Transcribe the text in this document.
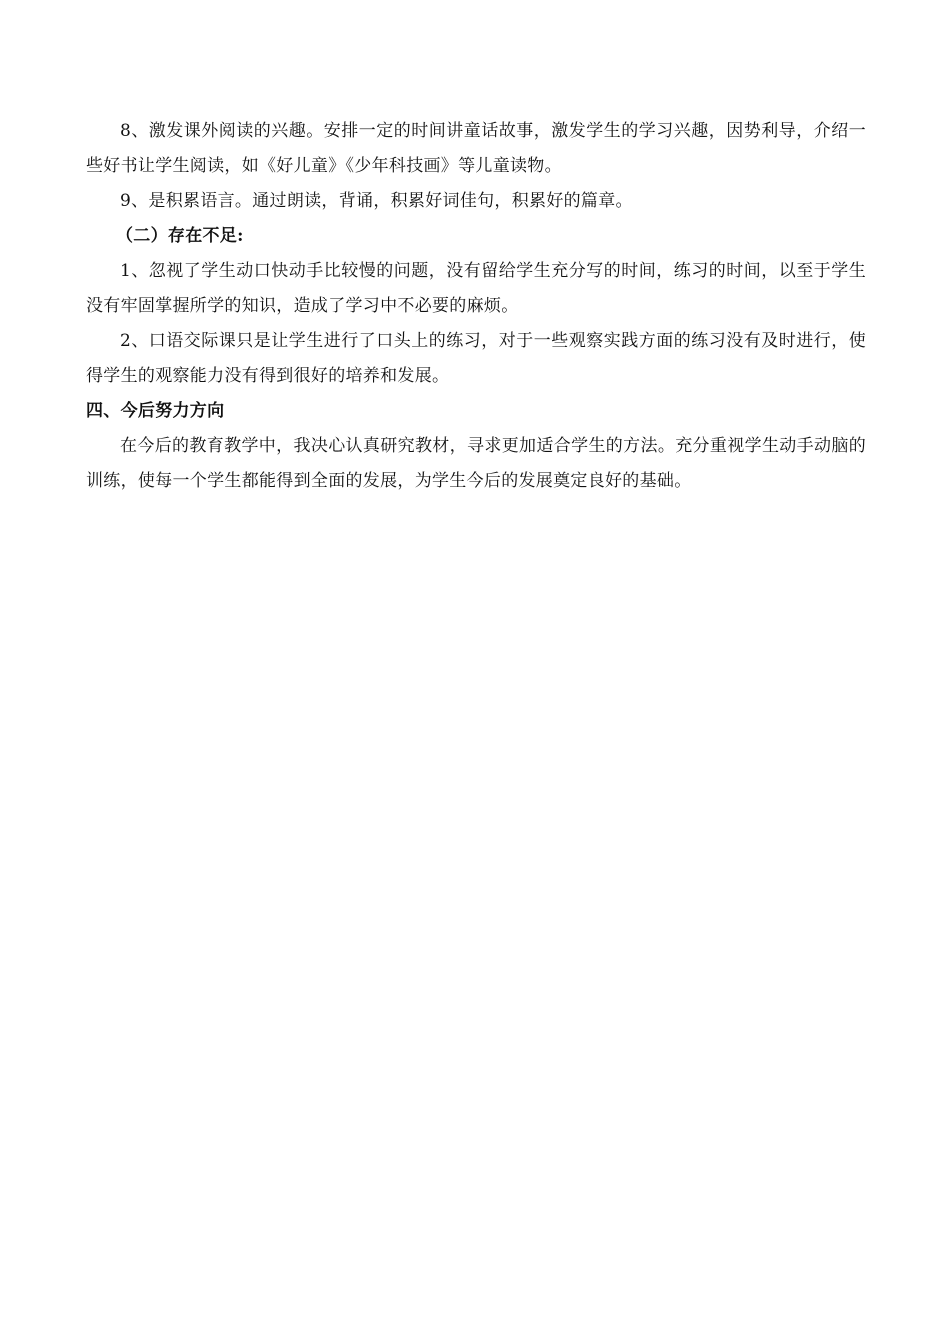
8、激发课外阅读的兴趣。安排一定的时间讲童话故事，激发学生的学习兴趣，因势利导，介绍一些好书让学生阅读，如《好儿童》《少年科技画》等儿童读物。

9、是积累语言。通过朗读，背诵，积累好词佳句，积累好的篇章。

（二）存在不足:

1、忽视了学生动口快动手比较慢的问题，没有留给学生充分写的时间，练习的时间，以至于学生没有牢固掌握所学的知识，造成了学习中不必要的麻烦。

2、口语交际课只是让学生进行了口头上的练习，对于一些观察实践方面的练习没有及时进行，使得学生的观察能力没有得到很好的培养和发展。

四、今后努力方向

在今后的教育教学中，我决心认真研究教材，寻求更加适合学生的方法。充分重视学生动手动脑的训练，使每一个学生都能得到全面的发展，为学生今后的发展奠定良好的基础。
